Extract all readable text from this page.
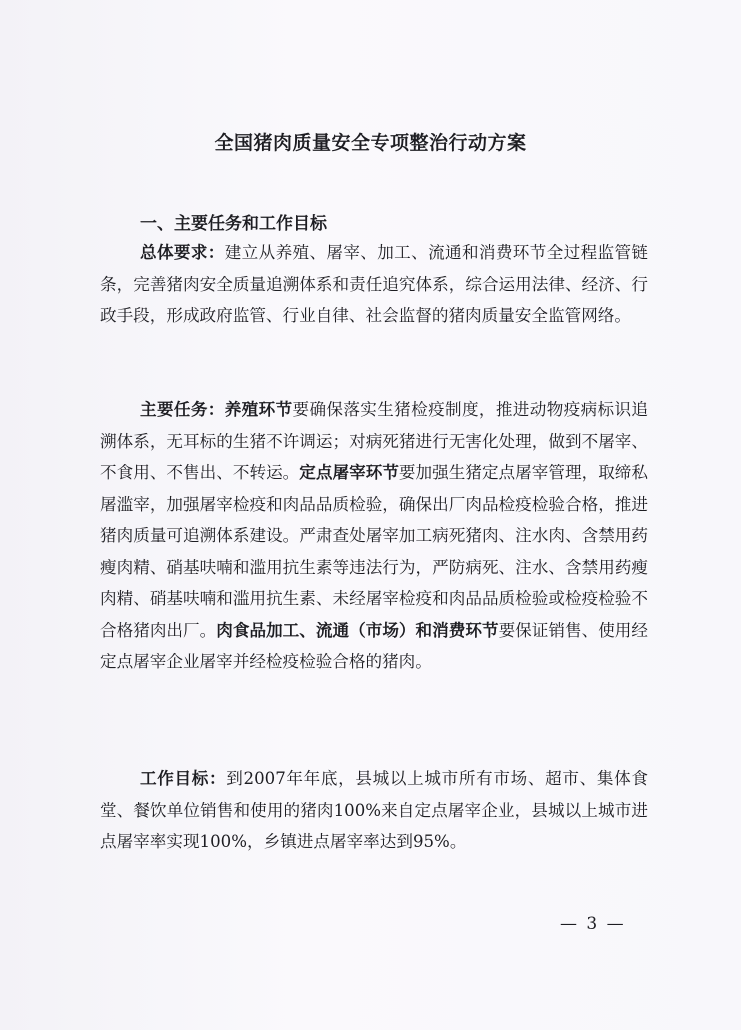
全国猪肉质量安全专项整治行动方案
一、主要任务和工作目标

总体要求：建立从养殖、屠宰、加工、流通和消费环节全过程监管链条，完善猪肉安全质量追溯体系和责任追究体系，综合运用法律、经济、行政手段，形成政府监管、行业自律、社会监督的猪肉质量安全监管网络。

主要任务：养殖环节要确保落实生猪检疫制度，推进动物疫病标识追溯体系，无耳标的生猪不许调运；对病死猪进行无害化处理，做到不屠宰、不食用、不售出、不转运。定点屠宰环节要加强生猪定点屠宰管理，取缔私屠滥宰，加强屠宰检疫和肉品品质检验，确保出厂肉品检疫检验合格，推进猪肉质量可追溯体系建设。严肃查处屠宰加工病死猪肉、注水肉、含禁用药瘦肉精、硝基呋喃和滥用抗生素等违法行为，严防病死、注水、含禁用药瘦肉精、硝基呋喃和滥用抗生素、未经屠宰检疫和肉品品质检验或检疫检验不合格猪肉出厂。肉食品加工、流通（市场）和消费环节要保证销售、使用经定点屠宰企业屠宰并经检疫检验合格的猪肉。

工作目标：到2007年年底，县城以上城市所有市场、超市、集体食堂、餐饮单位销售和使用的猪肉100%来自定点屠宰企业，县城以上城市进点屠宰率实现100%，乡镇进点屠宰率达到95%。

— 3 —
